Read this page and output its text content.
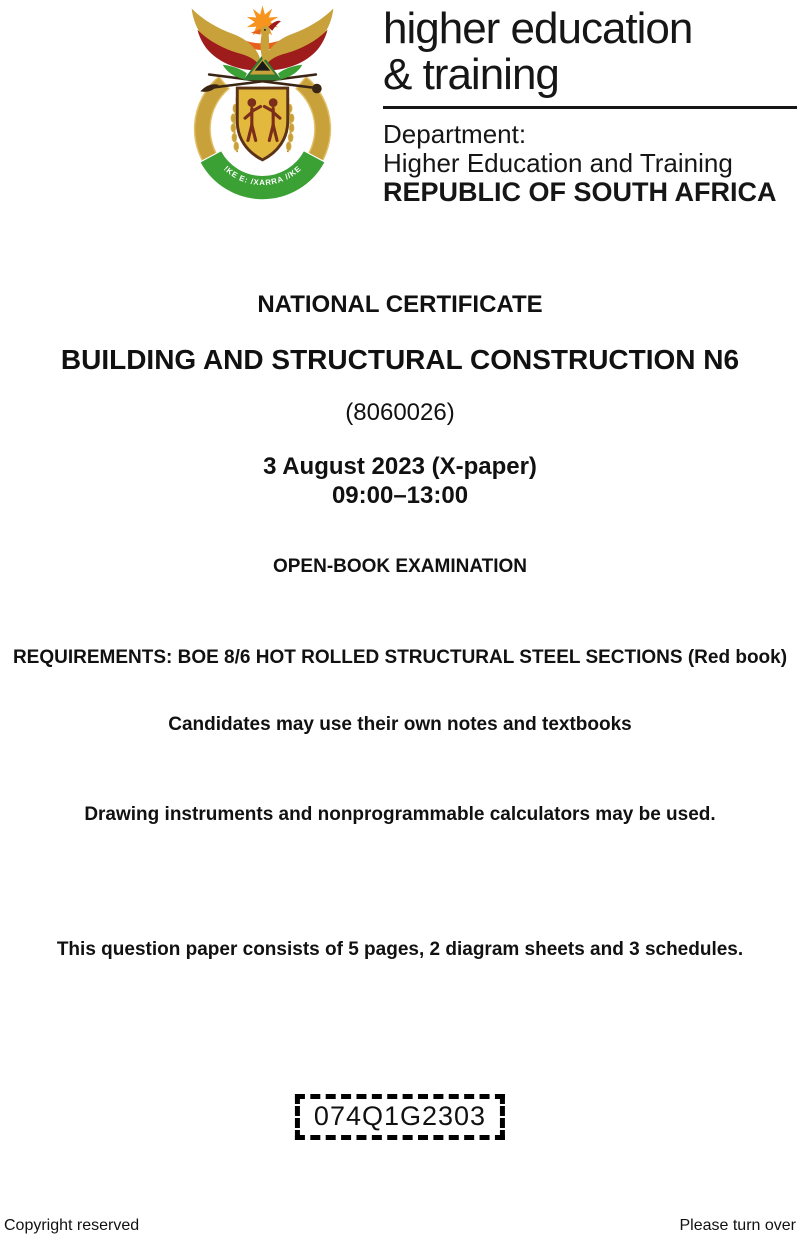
!KE E: /XARRA //KE
higher education
& training
Department:
Higher Education and Training
REPUBLIC OF SOUTH AFRICA
NATIONAL CERTIFICATE
BUILDING AND STRUCTURAL CONSTRUCTION N6

(8060026)

3 August 2023 (X-paper)

09:00–13:00

OPEN-BOOK EXAMINATION

REQUIREMENTS: BOE 8/6 HOT ROLLED STRUCTURAL STEEL SECTIONS (Red book)

Candidates may use their own notes and textbooks

Drawing instruments and nonprogrammable calculators may be used.

This question paper consists of 5 pages, 2 diagram sheets and 3 schedules.

074Q1G2303
Copyright reserved	Please turn over
